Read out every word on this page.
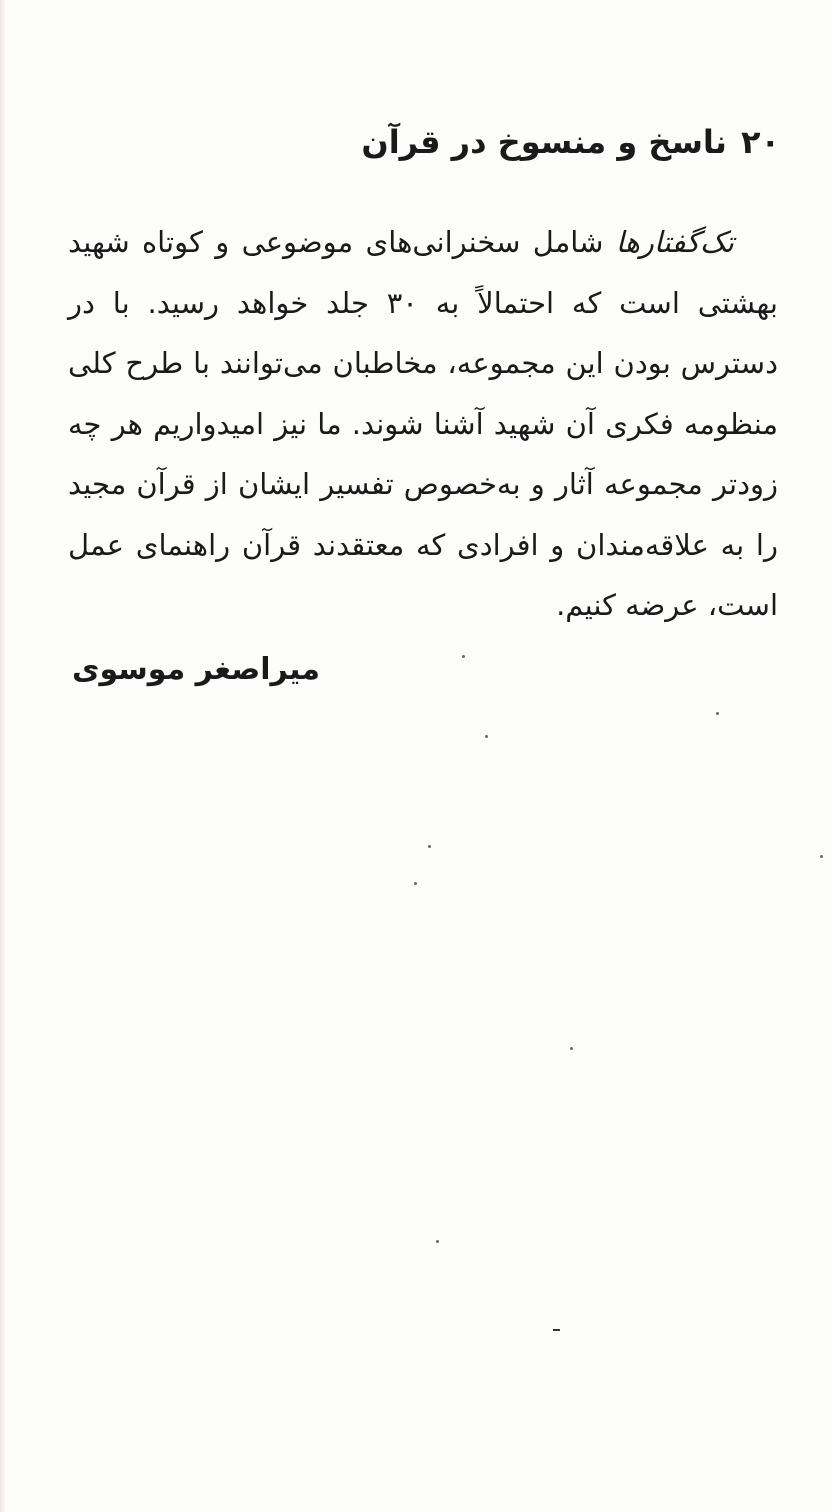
۲۰ناسخ و منسوخ در قرآن
تک‌گفتارها شامل سخنرانی‌های موضوعی و کوتاه شهید
بهشتی است که احتمالاً به ۳۰ جلد خواهد رسید. با در
دسترس بودن این مجموعه، مخاطبان می‌توانند با طرح کلی
منظومه فکری آن شهید آشنا شوند. ما نیز امیدواریم هر چه
زودتر مجموعه آثار و به‌خصوص تفسیر ایشان از قرآن مجید
را به علاقه‌مندان و افرادی که معتقدند قرآن راهنمای عمل
است، عرضه کنیم.
میراصغر موسوی
